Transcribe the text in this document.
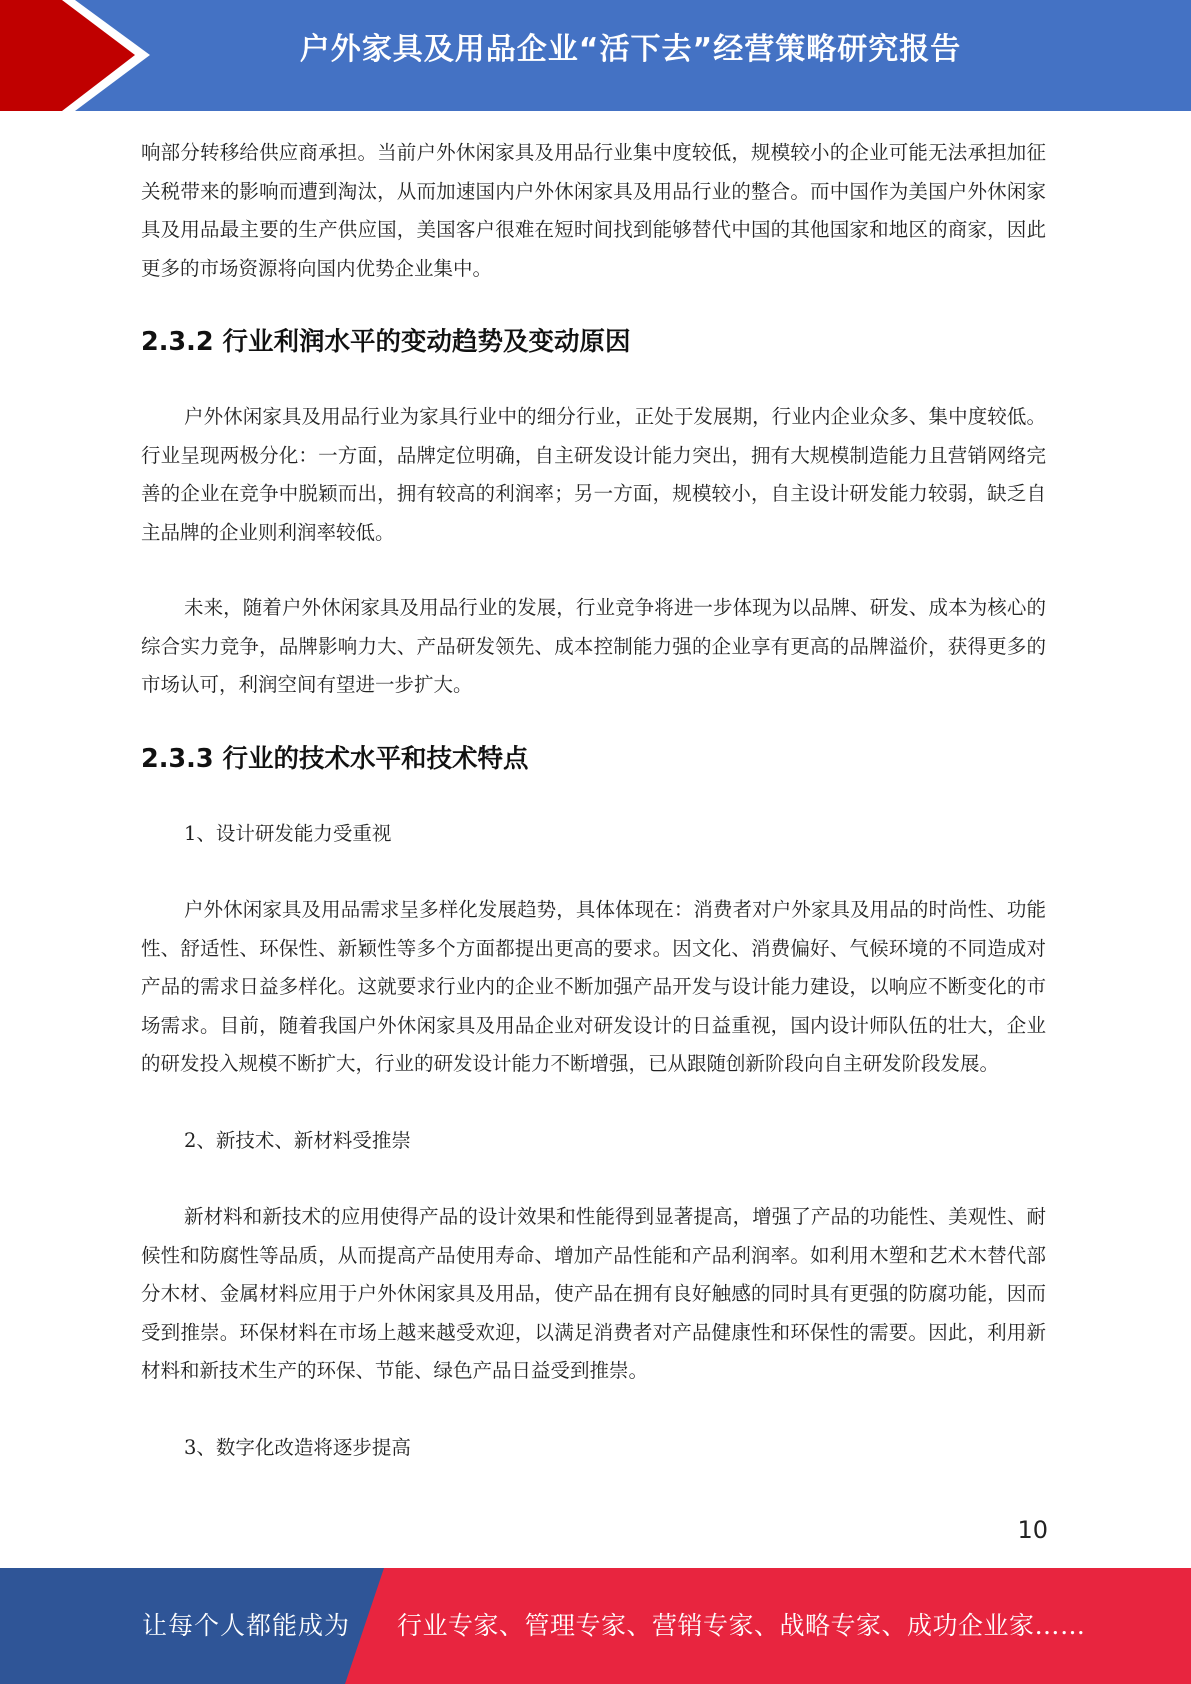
户外家具及用品企业“活下去”经营策略研究报告

响部分转移给供应商承担。当前户外休闲家具及用品行业集中度较低，规模较小的企业可能无法承担加征关税带来的影响而遭到淘汰，从而加速国内户外休闲家具及用品行业的整合。而中国作为美国户外休闲家具及用品最主要的生产供应国，美国客户很难在短时间找到能够替代中国的其他国家和地区的商家，因此更多的市场资源将向国内优势企业集中。

2.3.2 行业利润水平的变动趋势及变动原因

户外休闲家具及用品行业为家具行业中的细分行业，正处于发展期，行业内企业众多、集中度较低。行业呈现两极分化：一方面，品牌定位明确，自主研发设计能力突出，拥有大规模制造能力且营销网络完善的企业在竞争中脱颖而出，拥有较高的利润率；另一方面，规模较小，自主设计研发能力较弱，缺乏自主品牌的企业则利润率较低。

未来，随着户外休闲家具及用品行业的发展，行业竞争将进一步体现为以品牌、研发、成本为核心的综合实力竞争，品牌影响力大、产品研发领先、成本控制能力强的企业享有更高的品牌溢价，获得更多的市场认可，利润空间有望进一步扩大。

2.3.3 行业的技术水平和技术特点

1、设计研发能力受重视

户外休闲家具及用品需求呈多样化发展趋势，具体体现在：消费者对户外家具及用品的时尚性、功能性、舒适性、环保性、新颖性等多个方面都提出更高的要求。因文化、消费偏好、气候环境的不同造成对产品的需求日益多样化。这就要求行业内的企业不断加强产品开发与设计能力建设，以响应不断变化的市场需求。目前，随着我国户外休闲家具及用品企业对研发设计的日益重视，国内设计师队伍的壮大，企业的研发投入规模不断扩大，行业的研发设计能力不断增强，已从跟随创新阶段向自主研发阶段发展。

2、新技术、新材料受推崇

新材料和新技术的应用使得产品的设计效果和性能得到显著提高，增强了产品的功能性、美观性、耐候性和防腐性等品质，从而提高产品使用寿命、增加产品性能和产品利润率。如利用木塑和艺术木替代部分木材、金属材料应用于户外休闲家具及用品，使产品在拥有良好触感的同时具有更强的防腐功能，因而受到推崇。环保材料在市场上越来越受欢迎，以满足消费者对产品健康性和环保性的需要。因此，利用新材料和新技术生产的环保、节能、绿色产品日益受到推崇。

3、数字化改造将逐步提高

10
让每个人都能成为 行业专家、管理专家、营销专家、战略专家、成功企业家……
